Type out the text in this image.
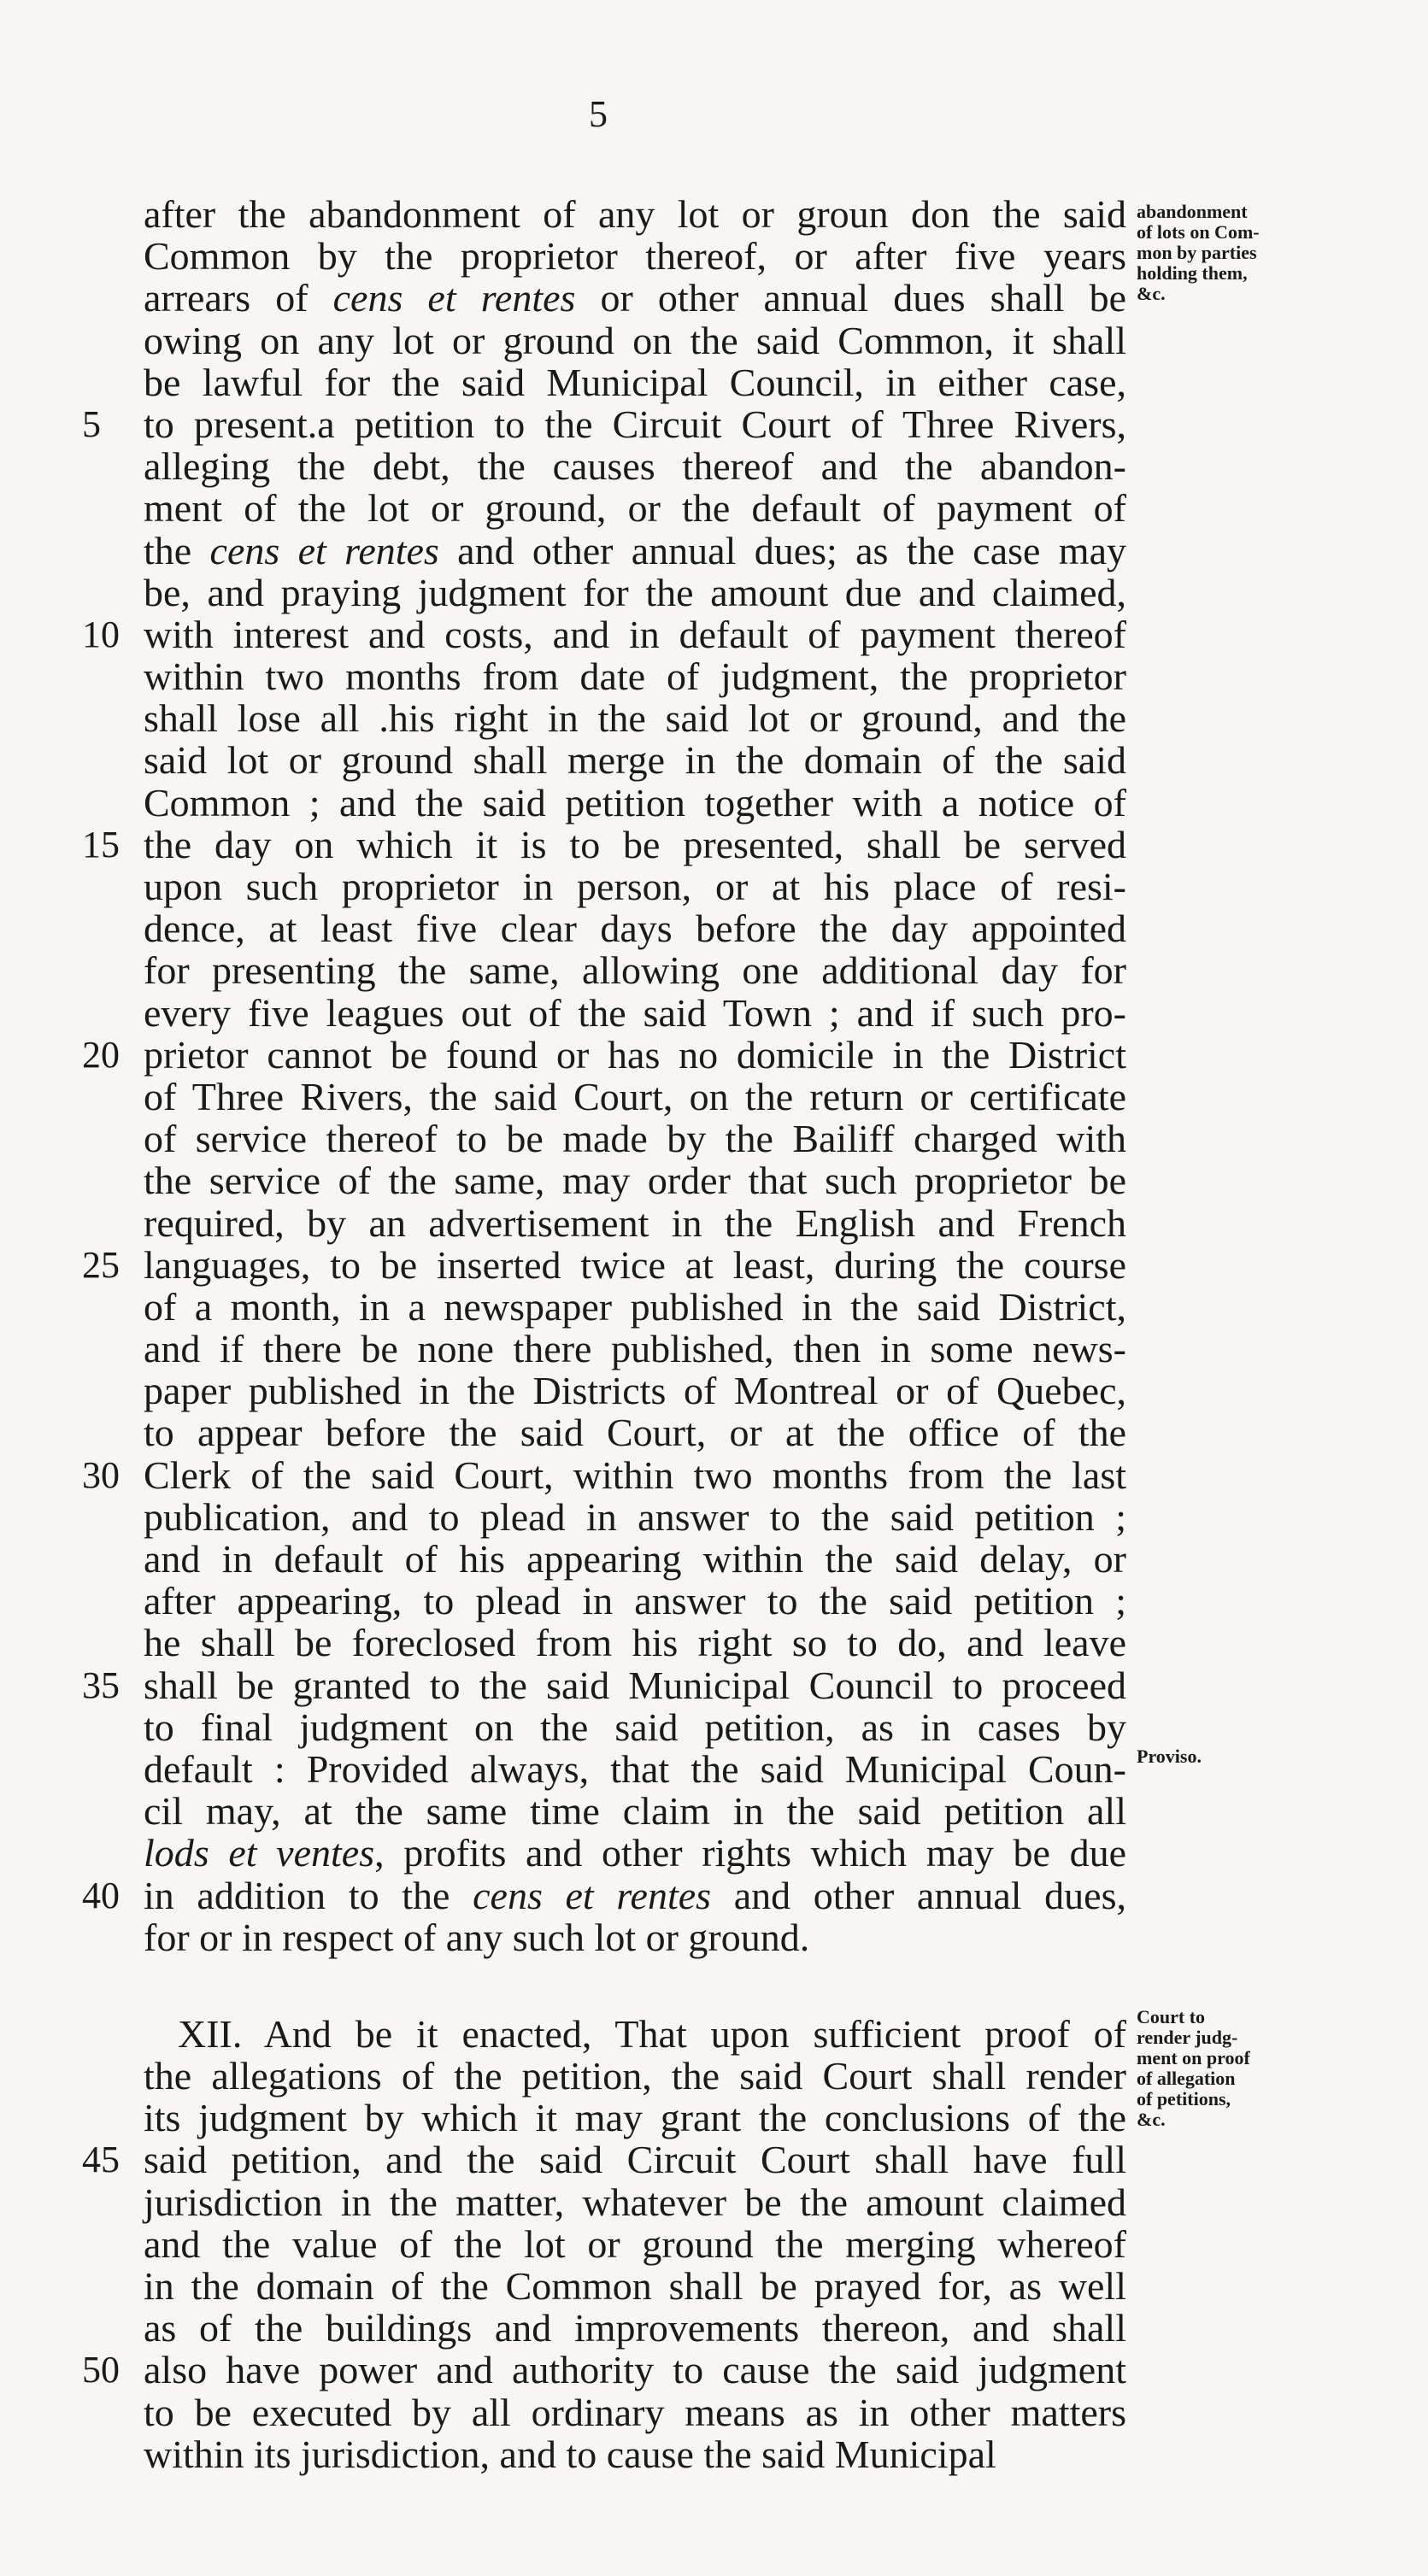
5
after the abandonment of any lot or groun don the said
Common by the proprietor thereof, or after five years
arrears of cens et rentes or other annual dues shall be
owing on any lot or ground on the said Common, it shall
be lawful for the said Municipal Council, in either case,
5	to present.a petition to the Circuit Court of Three Rivers,
alleging the debt, the causes thereof and the abandon-
ment of the lot or ground, or the default of payment of
the cens et rentes and other annual dues; as the case may
be, and praying judgment for the amount due and claimed,
10 with interest and costs, and in default of payment thereof
within two months from date of judgment, the proprietor
shall lose all .his right in the said lot or ground, and the
said lot or ground shall merge in the domain of the said
Common ; and the said petition together with a notice of
15 the day on which it is to be presented, shall be served
upon such proprietor in person, or at his place of resi-
dence, at least five clear days before the day appointed
for presenting the same, allowing one additional day for
every five leagues out of the said Town ; and if such pro-
20 prietor cannot be found or has no domicile in the District
of Three Rivers, the said Court, on the return or certificate
of service thereof to be made by the Bailiff charged with
the service of the same, may order that such proprietor be
required, by an advertisement in the English and French
25 languages, to be inserted twice at least, during the course
of a month, in a newspaper published in the said District,
and if there be none there published, then in some news-
paper published in the Districts of Montreal or of Quebec,
to appear before the said Court, or at the office of the
30 Clerk of the said Court, within two months from the last
publication, and to plead in answer to the said petition ;
and in default of his appearing within the said delay, or
after appearing, to plead in answer to the said petition ;
he shall be foreclosed from his right so to do, and leave
35 shall be granted to the said Municipal Council to proceed
to final judgment on the said petition, as in cases by
default : Provided always, that the said Municipal Coun-
cil may, at the same time claim in the said petition all
lods et ventes, profits and other rights which may be due
40 in addition to the cens et rentes and other annual dues,
for or in respect of any such lot or ground.
XII. And be it enacted, That upon sufficient proof of
the allegations of the petition, the said Court shall render
its judgment by which it may grant the conclusions of the
45 said petition, and the said Circuit Court shall have full
jurisdiction in the matter, whatever be the amount claimed
and the value of the lot or ground the merging whereof
in the domain of the Common shall be prayed for, as well
as of the buildings and improvements thereon, and shall
50 also have power and authority to cause the said judgment
to be executed by all ordinary means as in other matters
within its jurisdiction, and to cause the said Municipal
abandonment
of lots on Com-
mon by parties
holding them,
&c.
Proviso.
Court to
render judg-
ment on proof
of allegation
of petitions,
&c.
